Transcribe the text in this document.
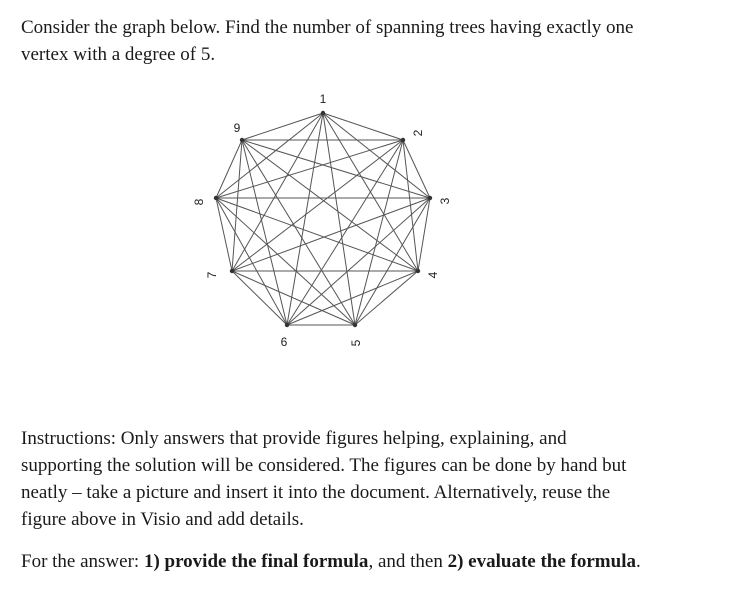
Consider the graph below. Find the number of spanning trees having exactly one
vertex with a degree of 5.

1
2
3
4
5
6
7
8
9

Instructions: Only answers that provide figures helping, explaining, and
supporting the solution will be considered. The figures can be done by hand but
neatly – take a picture and insert it into the document. Alternatively, reuse the
figure above in Visio and add details.

For the answer: 1) provide the final formula, and then 2) evaluate the formula.
